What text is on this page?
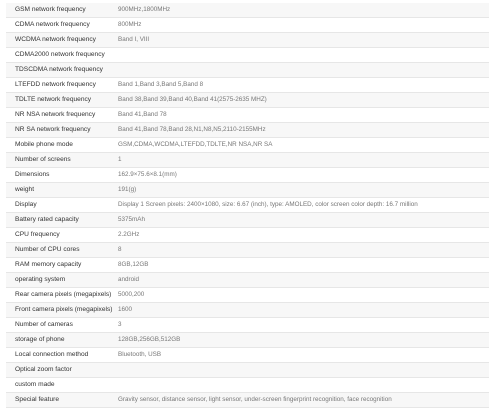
GSM network frequency	900MHz,1800MHz
CDMA network frequency	800MHz
WCDMA network frequency	Band I, VIII
CDMA2000 network frequency	
TDSCDMA network frequency	
LTEFDD network frequency	Band 1,Band 3,Band 5,Band 8
TDLTE network frequency	Band 38,Band 39,Band 40,Band 41(2575-2635 MHZ)
NR NSA network frequency	Band 41,Band 78
NR SA network frequency	Band 41,Band 78,Band 28,N1,N8,N5,2110-2155MHz
Mobile phone mode	GSM,CDMA,WCDMA,LTEFDD,TDLTE,NR NSA,NR SA
Number of screens	1
Dimensions	162.9×75.6×8.1(mm)
weight	191(g)
Display	Display 1 Screen pixels: 2400×1080, size: 6.67 (inch), type: AMOLED, color screen color depth: 16.7 million
Battery rated capacity	5375mAh
CPU frequency	2.2GHz
Number of CPU cores	8
RAM memory capacity	8GB,12GB
operating system	android
Rear camera pixels (megapixels)	5000,200
Front camera pixels (megapixels)	1600
Number of cameras	3
storage of phone	128GB,256GB,512GB
Local connection method	Bluetooth, USB
Optical zoom factor	
custom made	
Special feature	Gravity sensor, distance sensor, light sensor, under-screen fingerprint recognition, face recognition
